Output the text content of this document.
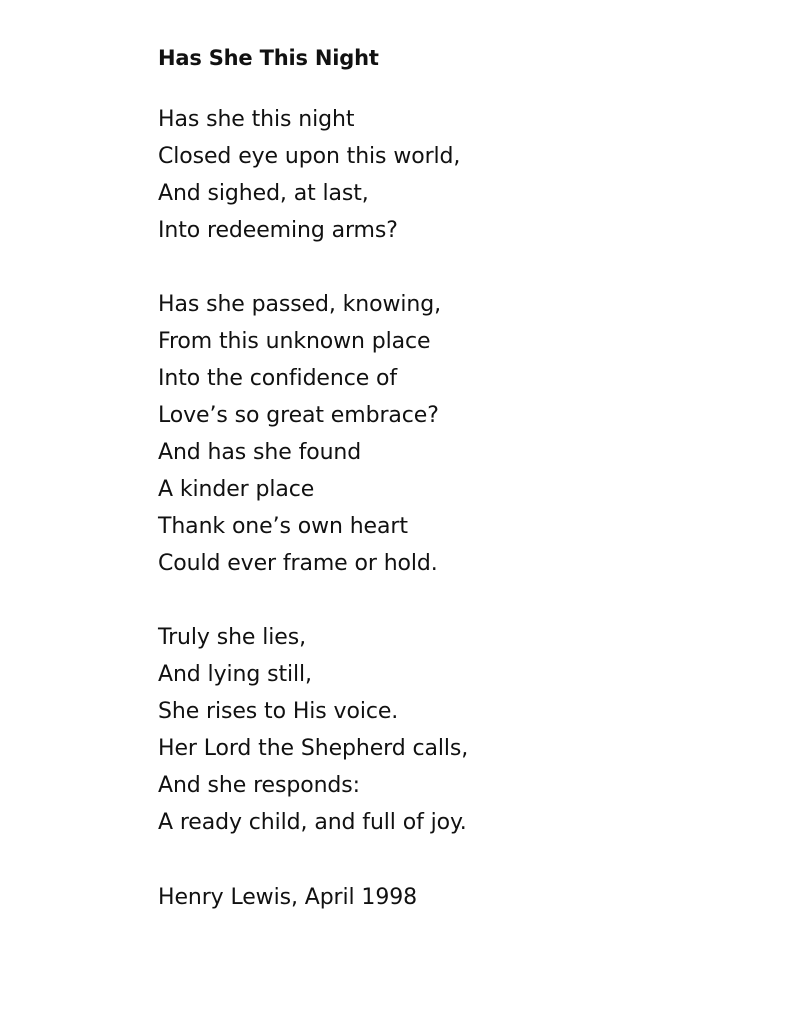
Has She This Night
Has she this night
Closed eye upon this world,
And sighed, at last,
Into redeeming arms?
Has she passed, knowing,
From this unknown place
Into the confidence of
Love’s so great embrace?
And has she found
A kinder place
Thank one’s own heart
Could ever frame or hold.
Truly she lies,
And lying still,
She rises to His voice.
Her Lord the Shepherd calls,
And she responds:
A ready child, and full of joy.
Henry Lewis, April 1998
